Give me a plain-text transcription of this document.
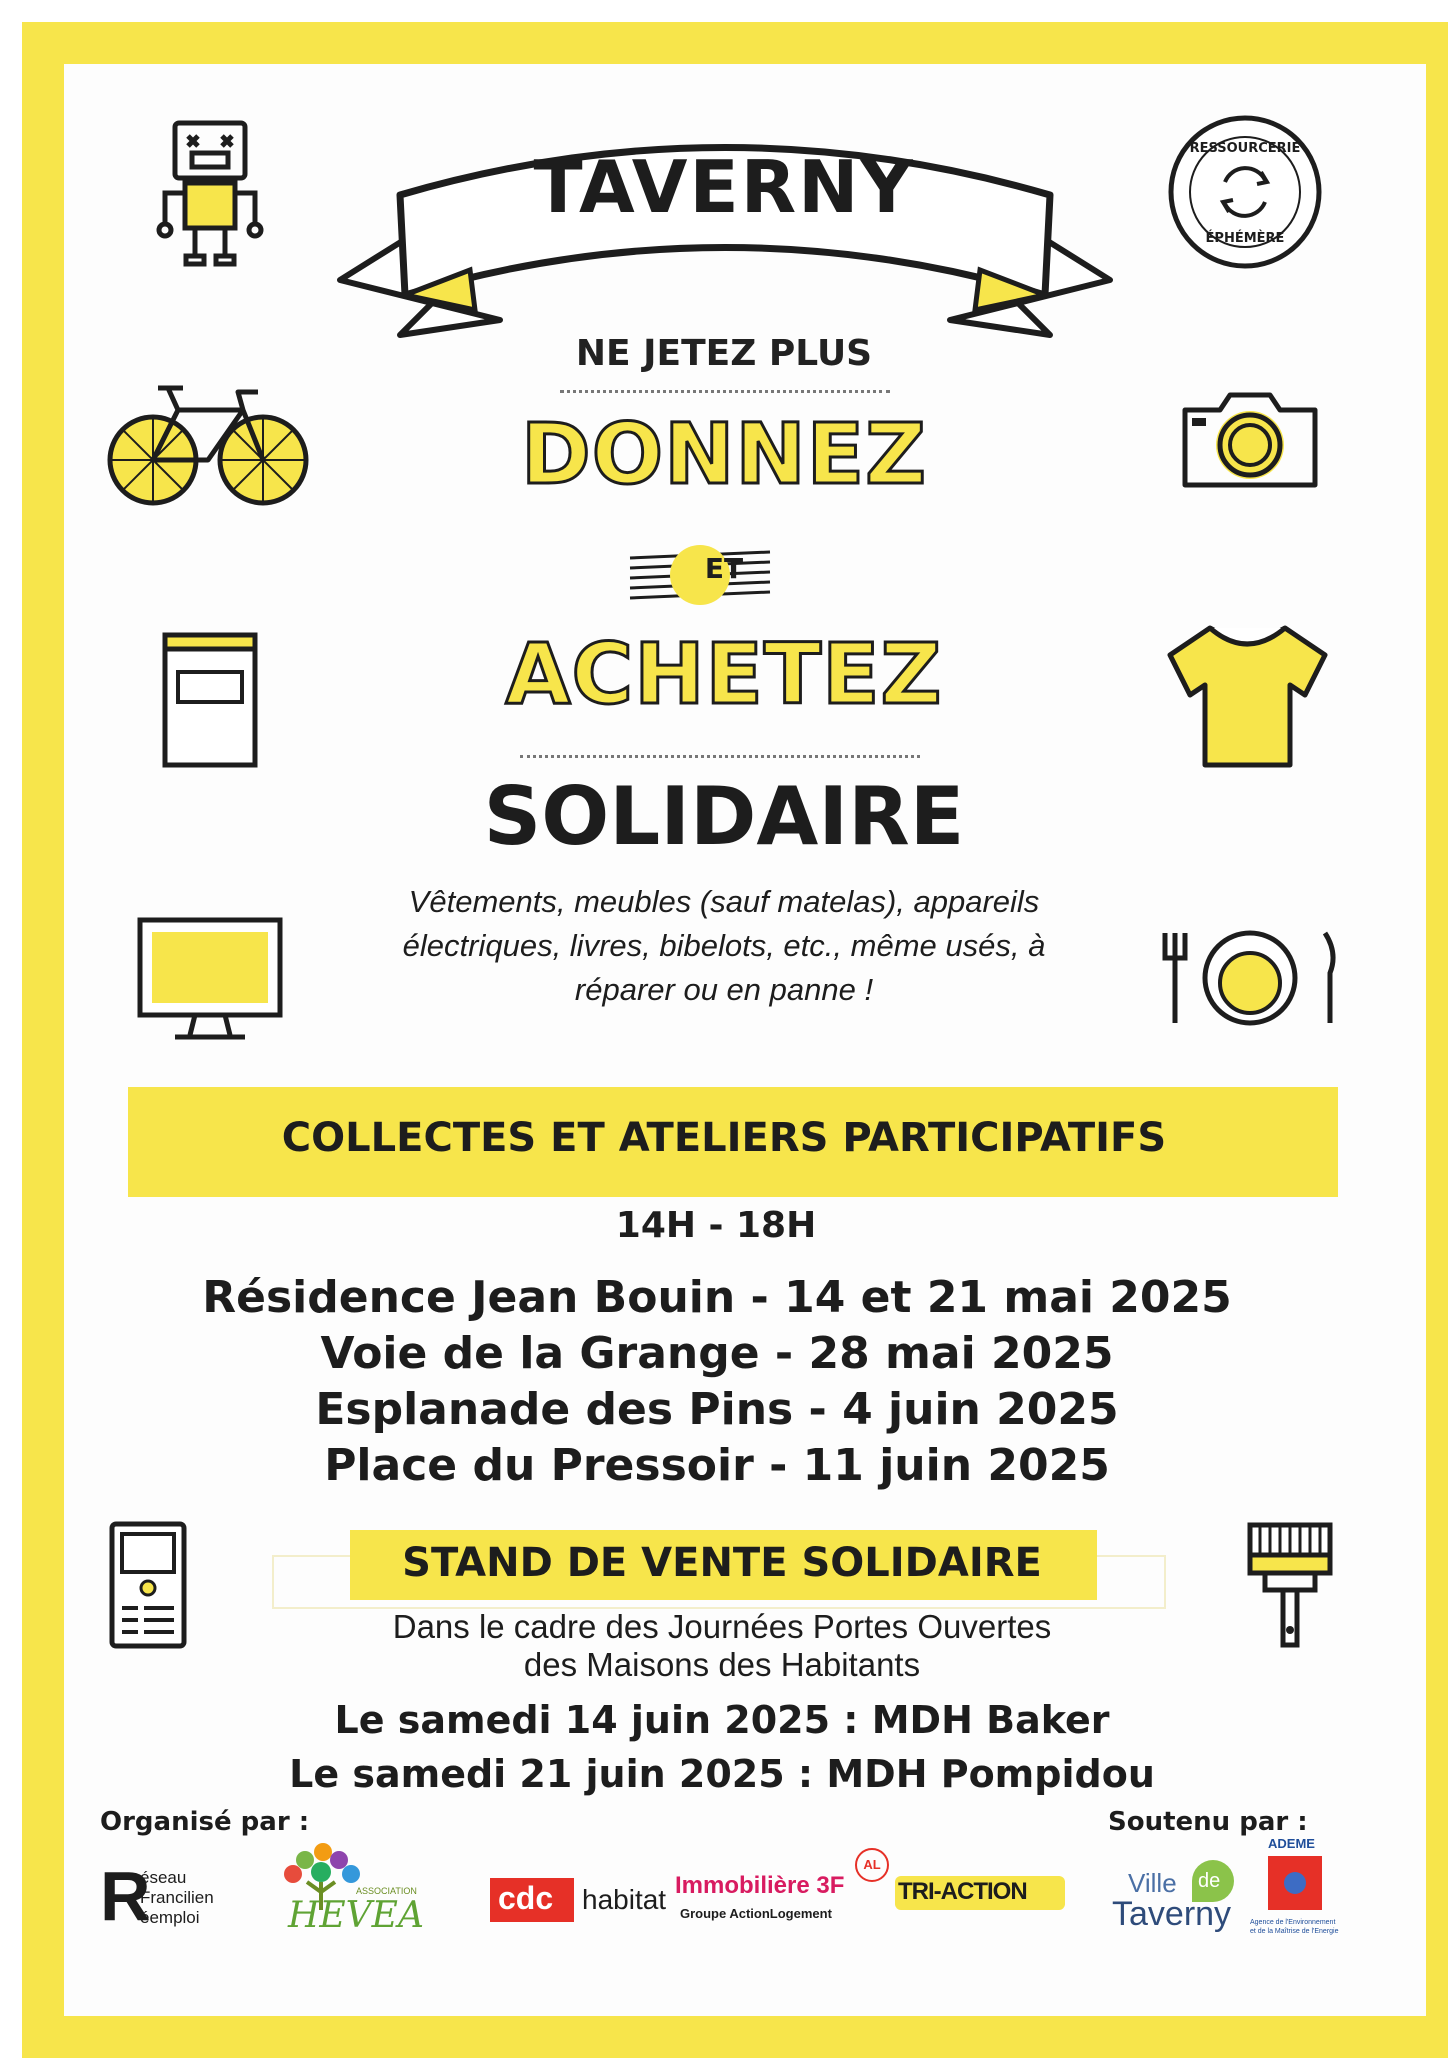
TAVERNY
NE JETEZ PLUS
DONNEZ
ET
ACHETEZ
SOLIDAIRE
Vêtements, meubles (sauf matelas), appareils
électriques, livres, bibelots, etc., même usés, à
réparer ou en panne !
RESSOURCERIE
ÉPHÉMÈRE
COLLECTES ET ATELIERS PARTICIPATIFS
14H - 18H
Résidence Jean Bouin - 14 et 21 mai 2025
Voie de la Grange - 28 mai 2025
Esplanade des Pins - 4 juin 2025
Place du Pressoir - 11 juin 2025
STAND DE VENTE SOLIDAIRE
Dans le cadre des Journées Portes Ouvertes
des Maisons des Habitants
Le samedi 14 juin 2025 : MDH Baker
Le samedi 21 juin 2025 : MDH Pompidou
Organisé par :	Soutenu par :
R
éseau
Francilien
éemploi
ASSOCIATION
HEVEA cdc habitat Immobilière 3F
AL
Groupe ActionLogement
TRI-ACTION	Ville de
Taverny
ADEME
Agence de l'Environnement
et de la Maîtrise de l'Energie
